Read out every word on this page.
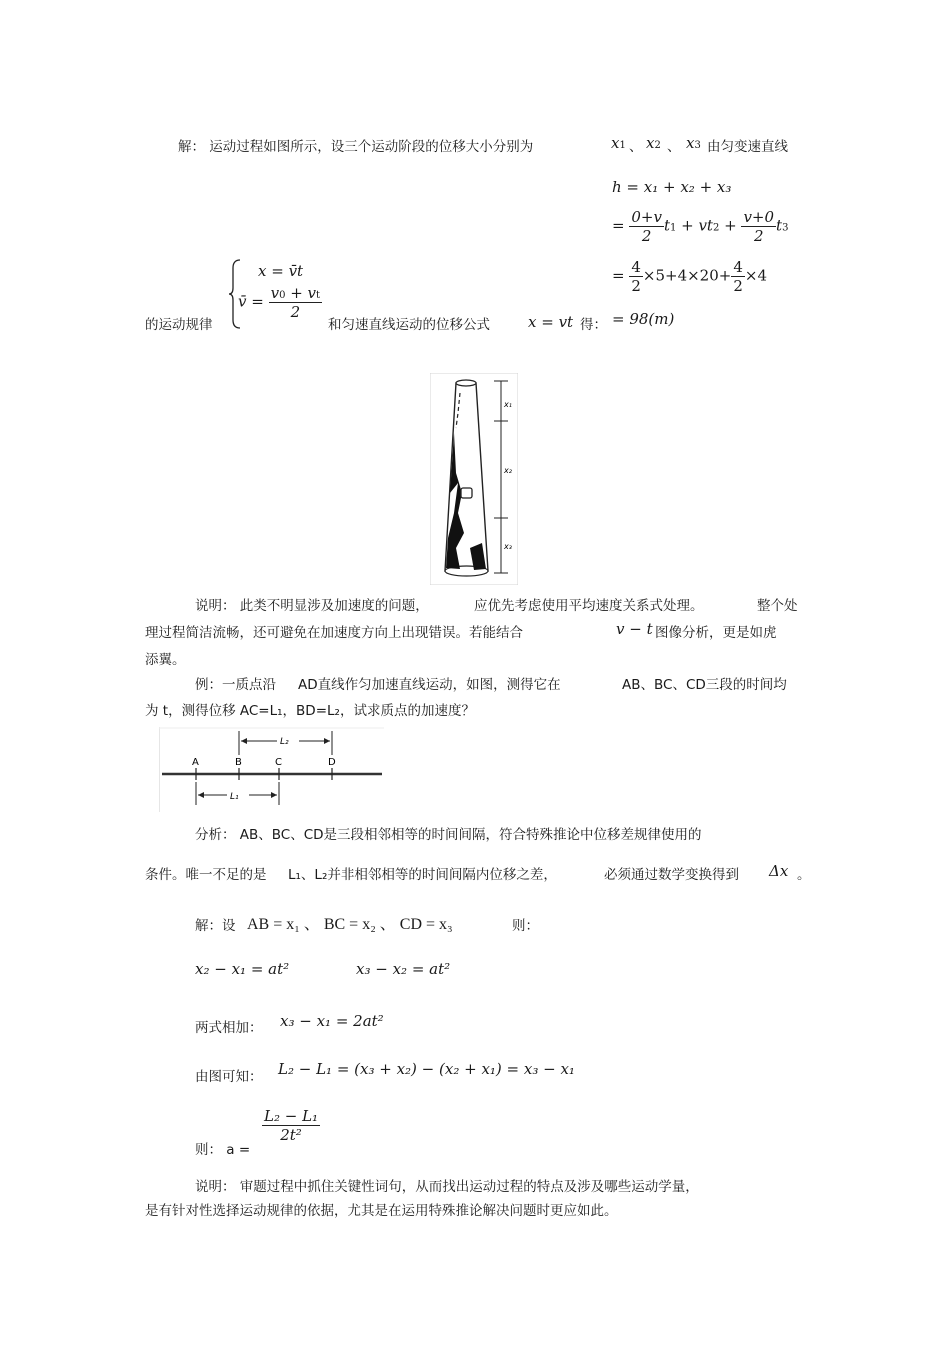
解： 运动过程如图所示，设三个运动阶段的位移大小分别为	x1 、 x2 、 x3 由匀变速直线
h = x₁ + x₂ + x₃
= $\frac{0+v}{2} t1 + vt2 + \frac{v+0}{2} t3$
= $\frac{4}{2} \times 5+4\times 20+ \frac{4}{2} \times 4$
= 98(m)
x = v̄t
v̄ = $\frac{v0 + vt}{2}$
的运动规律	和匀速直线运动的位移公式	x = vt 得：
x₁
x₂
x₃
说明： 此类不明显涉及加速度的问题，	应优先考虑使用平均速度关系式处理。	整个处
理过程简洁流畅，还可避免在加速度方向上出现错误。若能结合	v − t 图像分析，更是如虎
添翼。
例：一质点沿 AD直线作匀加速直线运动，如图，测得它在	AB、BC、CD三段的时间均
为 t，测得位移 AC=L₁，BD=L₂，试求质点的加速度？
A	B	C	D
L₂
L₁
分析： AB、BC、CD是三段相邻相等的时间间隔，符合特殊推论中位移差规律使用的
条件。唯一不足的是 L₁、L₂并非相邻相等的时间间隔内位移之差，	必须通过数学变换得到 Δx 。
解：设 AB = x₁ 、 BC = x₂ 、 CD = x₃	则：
x₂ − x₁ = at²	x₃ − x₂ = at²
两式相加： x₃ − x₁ = 2at²
由图可知： L₂ − L₁ = (x₃ + x₂) − (x₂ + x₁) = x₃ − x₁
则： a =
$\frac{\text{L₂ − L₁}}{\text{2t²}}$
说明： 审题过程中抓住关键性词句，从而找出运动过程的特点及涉及哪些运动学量，
是有针对性选择运动规律的依据，尤其是在运用特殊推论解决问题时更应如此。
